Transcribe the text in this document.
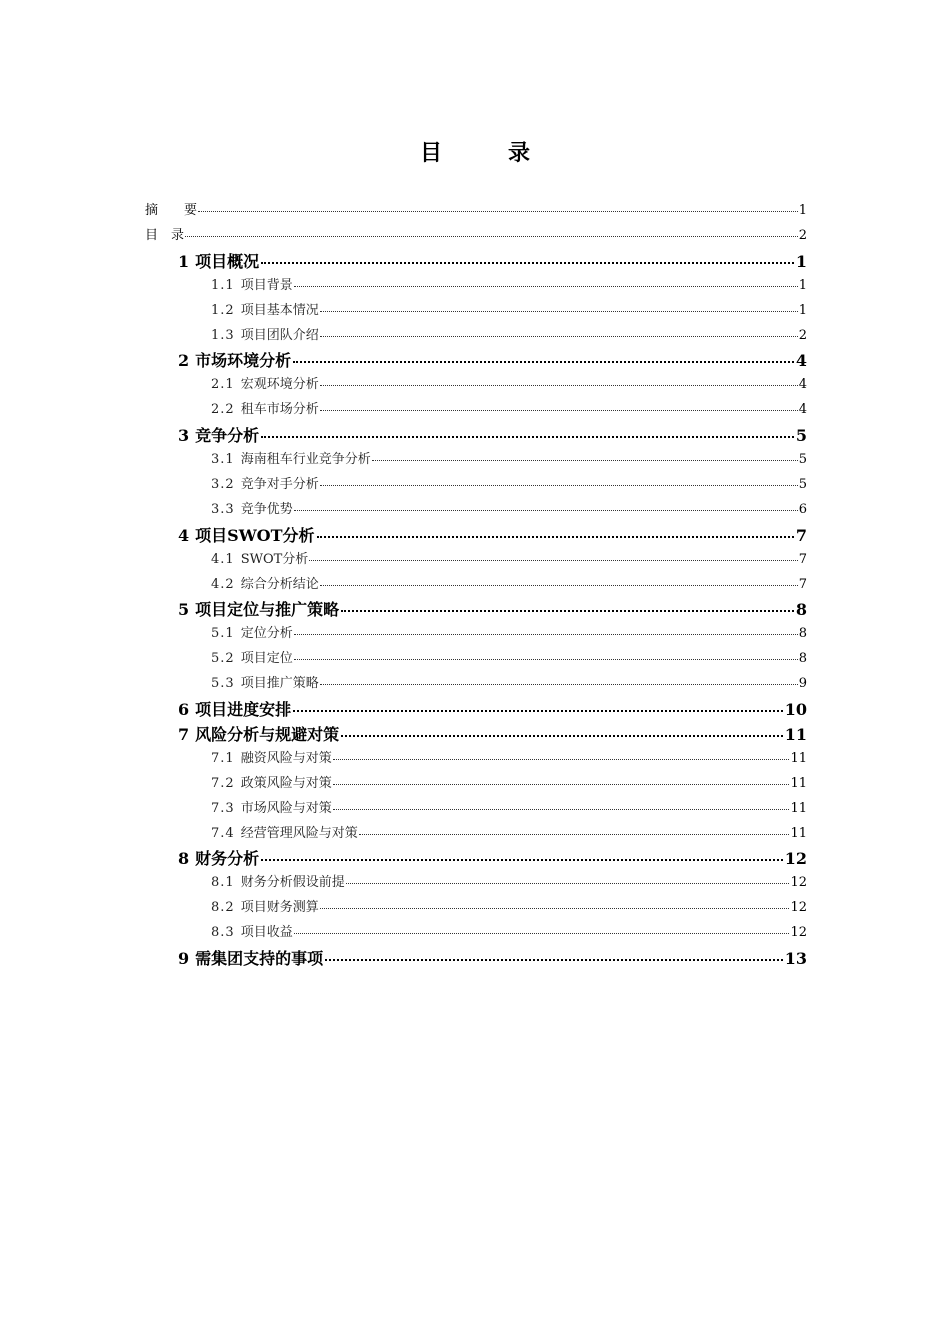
目　录
摘　　要	1
目　录	2
1 项目概况	1
1.1 项目背景	1
1.2 项目基本情况	1
1.3 项目团队介绍	2
2 市场环境分析	4
2.1 宏观环境分析	4
2.2 租车市场分析	4
3 竞争分析	5
3.1 海南租车行业竞争分析	5
3.2 竞争对手分析	5
3.3 竞争优势	6
4 项目SWOT分析	7
4.1 SWOT分析	7
4.2 综合分析结论	7
5 项目定位与推广策略	8
5.1 定位分析	8
5.2 项目定位	8
5.3 项目推广策略	9
6 项目进度安排	10
7 风险分析与规避对策	11
7.1 融资风险与对策	11
7.2 政策风险与对策	11
7.3 市场风险与对策	11
7.4 经营管理风险与对策	11
8 财务分析	12
8.1 财务分析假设前提	12
8.2 项目财务测算	12
8.3 项目收益	12
9 需集团支持的事项	13
